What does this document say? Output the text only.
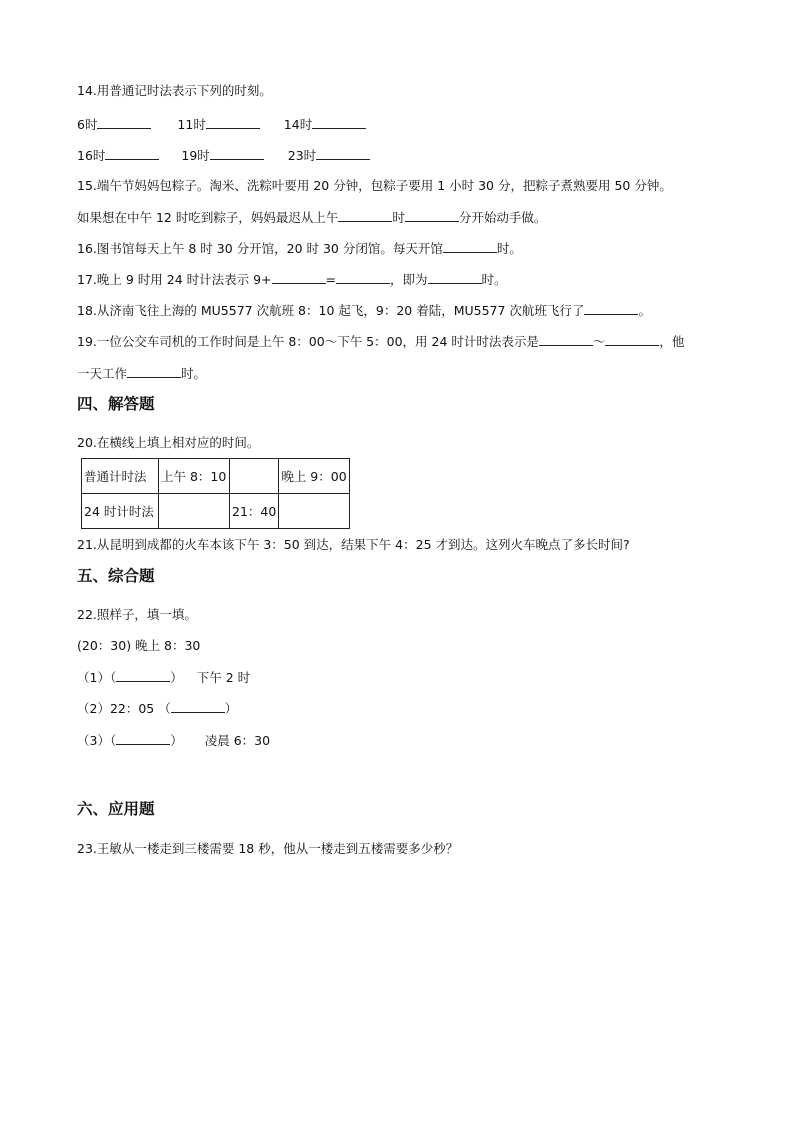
14.用普通记时法表示下列的时刻。
6时	11时	14时
16时	19时	23时
15.端午节妈妈包粽子。淘米、洗粽叶要用 20 分钟，包粽子要用 1 小时 30 分，把粽子煮熟要用 50 分钟。
如果想在中午 12 时吃到粽子，妈妈最迟从上午	时	分开始动手做。
16.图书馆每天上午 8 时 30 分开馆，20 时 30 分闭馆。每天开馆	时。
17.晚上 9 时用 24 时计法表示 9+	=	，即为	时。
18.从济南飞往上海的 MU5577 次航班 8：10 起飞，9：20 着陆，MU5577 次航班飞行了	。
19.一位公交车司机的工作时间是上午 8：00～下午 5：00，用 24 时计时法表示是	～	，他
一天工作	时。
四、解答题
20.在横线上填上相对应的时间。
普通计时法	上午 8：10		晚上 9：00
24 时计时法		21：40	
21.从昆明到成都的火车本该下午 3：50 到达，结果下午 4：25 才到达。这列火车晚点了多长时间?
五、综合题
22.照样子，填一填。
(20：30) 晚上 8：30
（1）（	） 下午 2 时
（2）22：05 （	）
（3）（	） 凌晨 6：30
六、应用题
23.王敏从一楼走到三楼需要 18 秒，他从一楼走到五楼需要多少秒？
